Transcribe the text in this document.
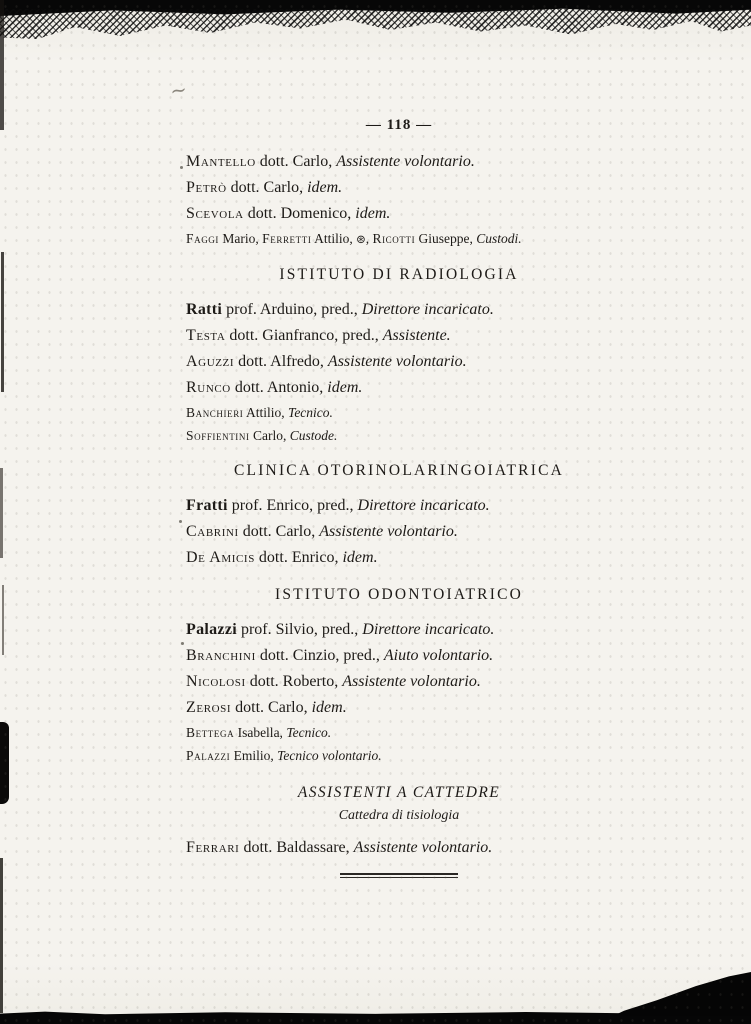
~
— 118 —
Mantello dott. Carlo, Assistente volontario.
Petrò dott. Carlo, idem.
Scevola dott. Domenico, idem.
Faggi Mario, Ferretti Attilio, ⊛, Ricotti Giuseppe, Custodi.
ISTITUTO DI RADIOLOGIA
Ratti prof. Arduino, pred., Direttore incaricato.
Testa dott. Gianfranco, pred., Assistente.
Aguzzi dott. Alfredo, Assistente volontario.
Runco dott. Antonio, idem.
Banchieri Attilio, Tecnico.
Soffientini Carlo, Custode.
CLINICA OTORINOLARINGOIATRICA
Fratti prof. Enrico, pred., Direttore incaricato.
Cabrini dott. Carlo, Assistente volontario.
De Amicis dott. Enrico, idem.
ISTITUTO ODONTOIATRICO
Palazzi prof. Silvio, pred., Direttore incaricato.
Branchini dott. Cinzio, pred., Aiuto volontario.
Nicolosi dott. Roberto, Assistente volontario.
Zerosi dott. Carlo, idem.
Bettega Isabella, Tecnico.
Palazzi Emilio, Tecnico volontario.
ASSISTENTI A CATTEDRE
Cattedra di tisiologia
Ferrari dott. Baldassare, Assistente volontario.
